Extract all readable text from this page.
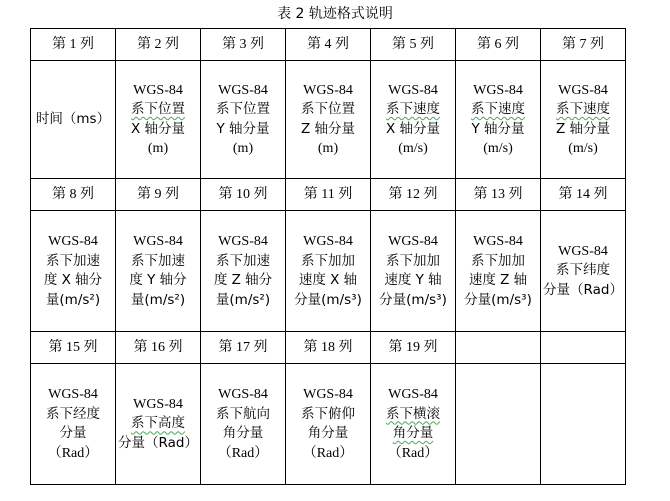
表 2 轨迹格式说明
第 1 列	第 2 列	第 3 列	第 4 列	第 5 列	第 6 列	第 7 列

时间（ms）	WGS-84
系下位置
X 轴分量
(m)	WGS-84
系下位置
Y 轴分量
(m)	WGS-84
系下位置
Z 轴分量
(m)	WGS-84
系下速度
X 轴分量
(m/s)	WGS-84
系下速度
Y 轴分量
(m/s)	WGS-84
系下速度
Z 轴分量
(m/s)

第 8 列	第 9 列	第 10 列	第 11 列	第 12 列	第 13 列	第 14 列

WGS-84
系下加速
度 X 轴分
量(m/s²)	WGS-84
系下加速
度 Y 轴分
量(m/s²)	WGS-84
系下加速
度 Z 轴分
量(m/s²)	WGS-84
系下加加
速度 X 轴
分量(m/s³)	WGS-84
系下加加
速度 Y 轴
分量(m/s³)	WGS-84
系下加加
速度 Z 轴
分量(m/s³)	WGS-84
系下纬度
分量（Rad）

第 15 列	第 16 列	第 17 列	第 18 列	第 19 列		

WGS-84
系下经度
分量
（Rad）	WGS-84
系下高度
分量（Rad）	WGS-84
系下航向
角分量
（Rad）	WGS-84
系下俯仰
角分量
（Rad）	WGS-84
系下横滚
角分量
（Rad）		
